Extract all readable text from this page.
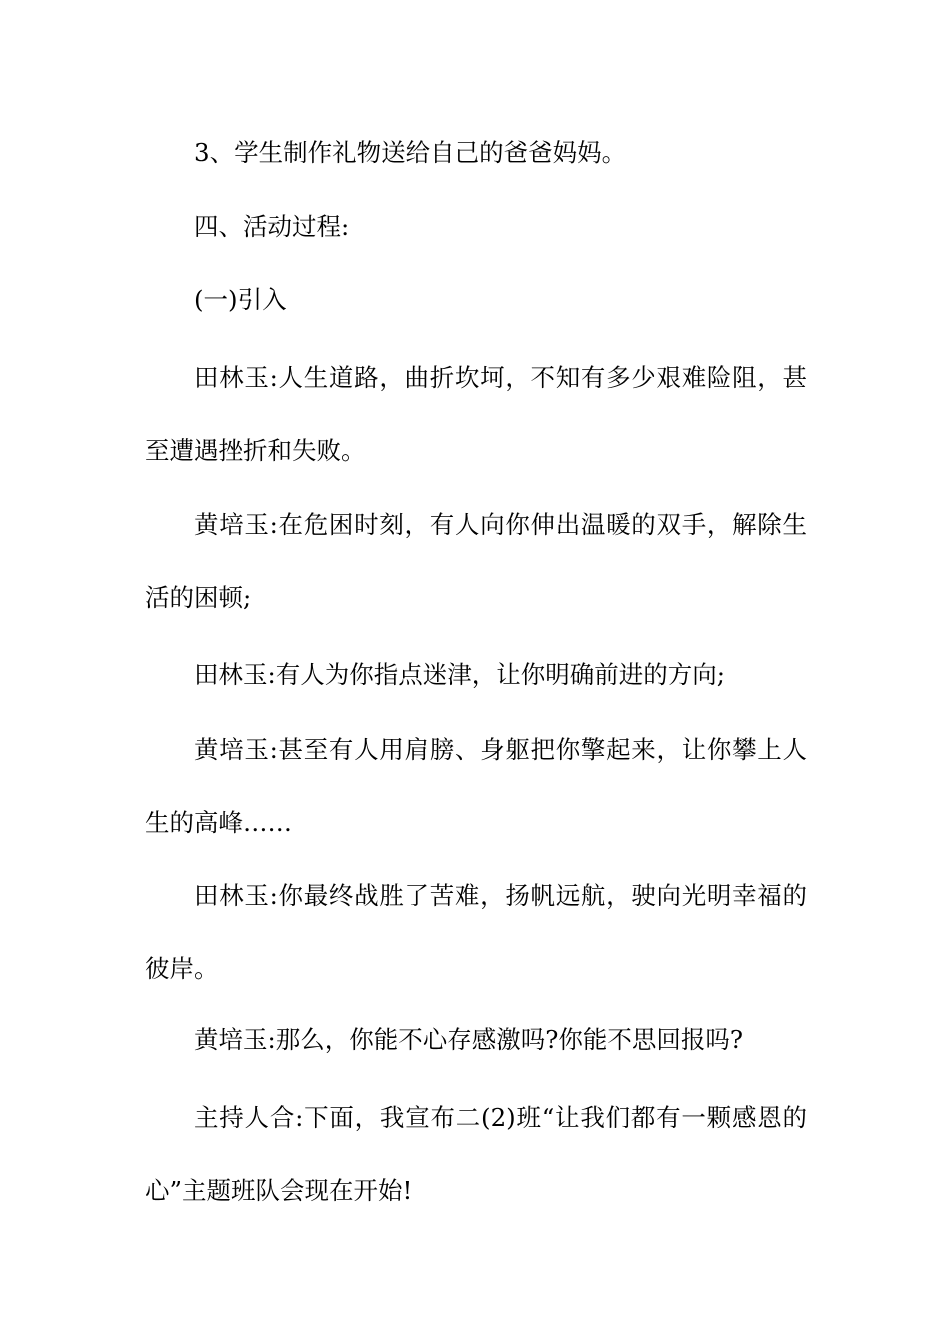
3、学生制作礼物送给自己的爸爸妈妈。

四、活动过程:

(一)引入

田林玉:人生道路，曲折坎坷，不知有多少艰难险阻，甚至遭遇挫折和失败。

黄培玉:在危困时刻，有人向你伸出温暖的双手，解除生活的困顿;

田林玉:有人为你指点迷津，让你明确前进的方向;

黄培玉:甚至有人用肩膀、身躯把你擎起来，让你攀上人生的高峰……

田林玉:你最终战胜了苦难，扬帆远航，驶向光明幸福的彼岸。

黄培玉:那么，你能不心存感激吗?你能不思回报吗?

主持人合:下面，我宣布二(2)班“让我们都有一颗感恩的心”主题班队会现在开始!
